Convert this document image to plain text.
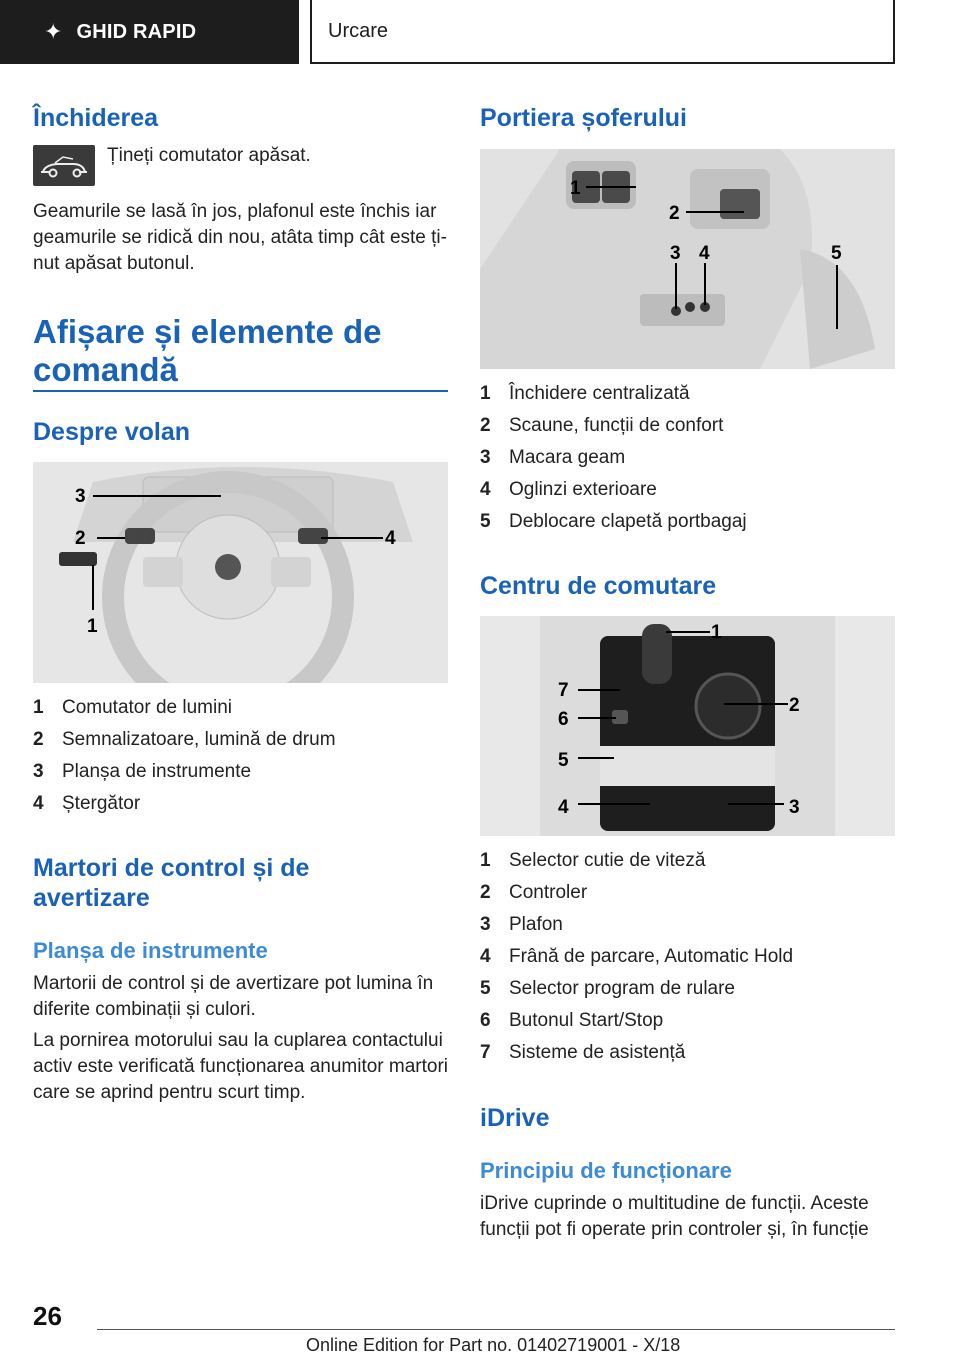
✦ GHID RAPID	Urcare
Închiderea

Țineți comutator apăsat.

Geamurile se lasă în jos, plafonul este închis iar geamurile se ridică din nou, atâta timp cât este ți-nut apăsat butonul.

Afișare și elemente de comandă
Despre volan
3
2	4
1
1 Comutator de lumini
2 Semnalizatoare, lumină de drum
3 Planșa de instrumente
4 Ștergător
Martori de control și de avertizare
Planșa de instrumente

Martorii de control și de avertizare pot lumina în diferite combinații și culori.

La pornirea motorului sau la cuplarea contactului activ este verificată funcționarea anumitor martori care se aprind pentru scurt timp.

Portiera șoferului
1
2
3 4	5
1 Închidere centralizată
2 Scaune, funcții de confort
3 Macara geam
4 Oglinzi exterioare
5 Deblocare clapetă portbagaj
Centru de comutare
1
2
3
4
5
6
7
1 Selector cutie de viteză
2 Controler
3 Plafon
4 Frână de parcare, Automatic Hold
5 Selector program de rulare
6 Butonul Start/Stop
7 Sisteme de asistență
iDrive
Principiu de funcționare

iDrive cuprinde o multitudine de funcții. Aceste funcții pot fi operate prin controler și, în funcție

26
Online Edition for Part no. 01402719001 - X/18
